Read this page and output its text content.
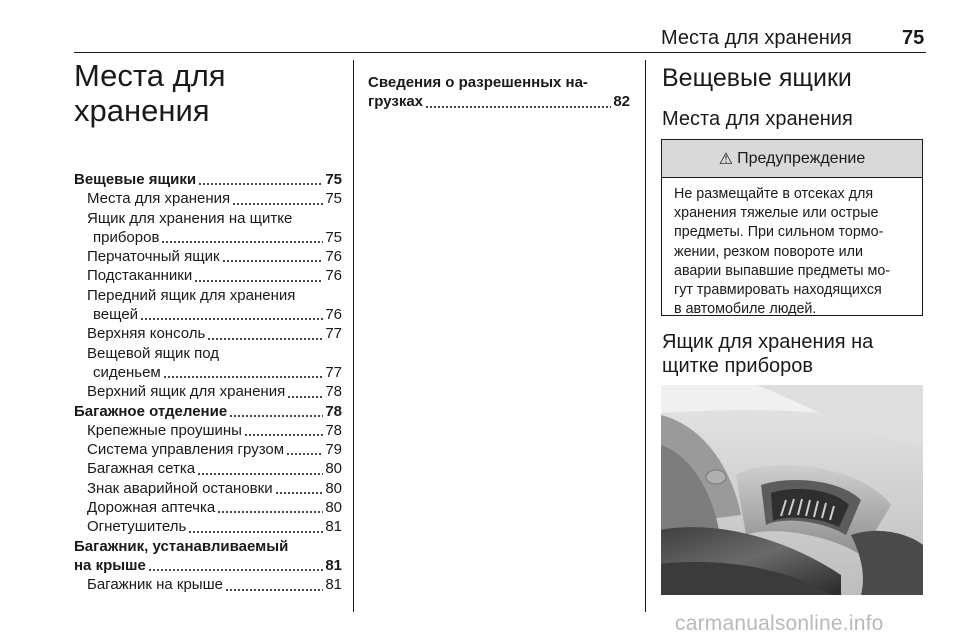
Места для хранения	75
Места для хранения
Вещевые ящики	75
Места для хранения	75
Ящик для хранения на щитке
приборов	75
Перчаточный ящик	76
Подстаканники	76
Передний ящик для хранения
вещей	76
Верхняя консоль	77
Вещевой ящик под
сиденьем	77
Верхний ящик для хранения	78
Багажное отделение	78
Крепежные проушины	78
Система управления грузом	79
Багажная сетка	80
Знак аварийной остановки	80
Дорожная аптечка	80
Огнетушитель	81
Багажник, устанавливаемый
на крыше	81
Багажник на крыше	81
Сведения о разрешенных на-
грузках	82
Вещевые ящики
Места для хранения
⚠ Предупреждение
Не размещайте в отсеках для
хранения тяжелые или острые
предметы. При сильном тормо-
жении, резком повороте или
аварии выпавшие предметы мо-
гут травмировать находящихся
в автомобиле людей.
Ящик для хранения на
щитке приборов
carmanualsonline.info
